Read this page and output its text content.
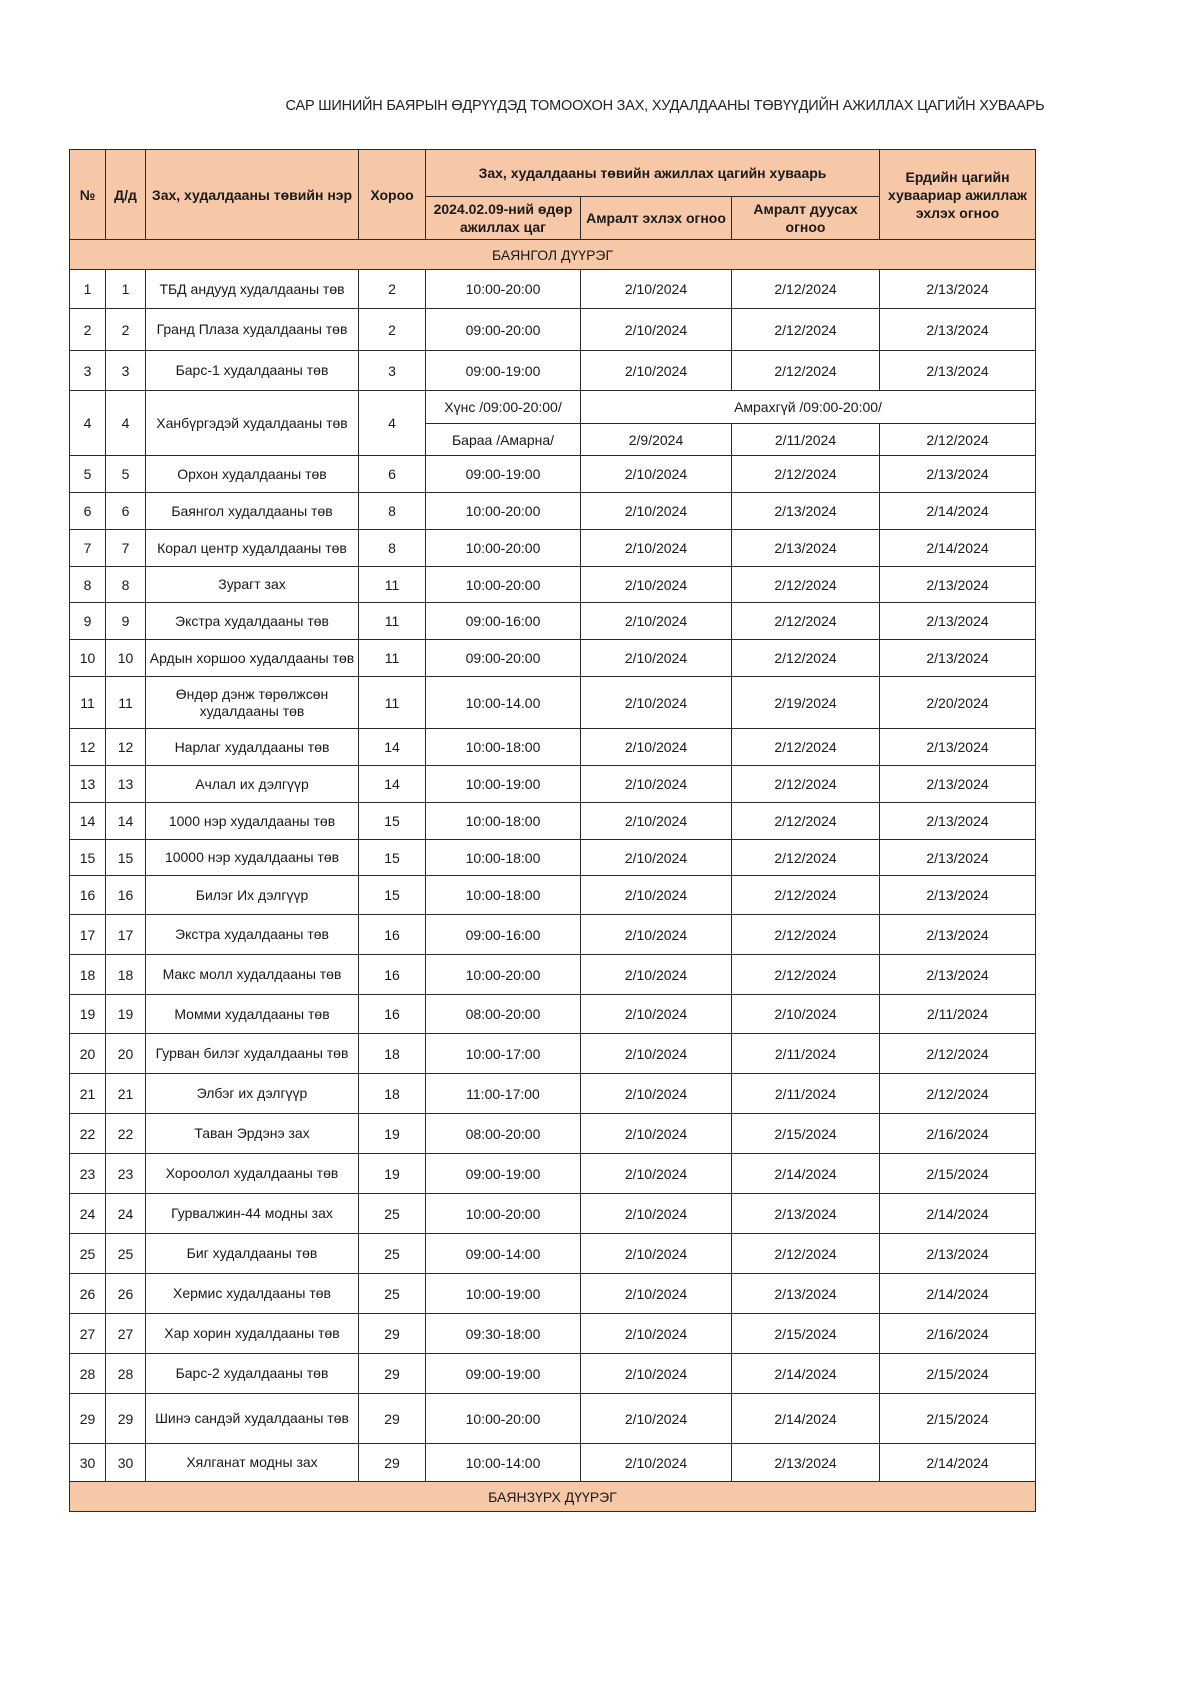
САР ШИНИЙН БАЯРЫН ӨДРҮҮДЭД ТОМООХОН ЗАХ, ХУДАЛДААНЫ ТӨВҮҮДИЙН АЖИЛЛАХ ЦАГИЙН ХУВААРЬ
№	Д/д	Зах, худалдааны төвийн нэр	Хороо	Зах, худалдааны төвийн ажиллах цагийн хуваарь			Ердийн цагийн хуваариар ажиллаж эхлэх огноо
				2024.02.09-ний өдөр ажиллах цаг	Амралт эхлэх огноо	Амралт дуусах огноо	
БАЯНГОЛ ДҮҮРЭГ							
1	1	ТБД андууд худалдааны төв	2	10:00-20:00	2/10/2024	2/12/2024	2/13/2024
2	2	Гранд Плаза худалдааны төв	2	09:00-20:00	2/10/2024	2/12/2024	2/13/2024
3	3	Барс-1 худалдааны төв	3	09:00-19:00	2/10/2024	2/12/2024	2/13/2024
4	4	Ханбүргэдэй худалдааны төв	4	Хүнс /09:00-20:00/	Амрахгүй /09:00-20:00/		
				Бараа /Амарна/	2/9/2024	2/11/2024	2/12/2024
5	5	Орхон худалдааны төв	6	09:00-19:00	2/10/2024	2/12/2024	2/13/2024
6	6	Баянгол худалдааны төв	8	10:00-20:00	2/10/2024	2/13/2024	2/14/2024
7	7	Корал центр худалдааны төв	8	10:00-20:00	2/10/2024	2/13/2024	2/14/2024
8	8	Зурагт зах	11	10:00-20:00	2/10/2024	2/12/2024	2/13/2024
9	9	Экстра худалдааны төв	11	09:00-16:00	2/10/2024	2/12/2024	2/13/2024
10	10	Ардын хоршоо худалдааны төв	11	09:00-20:00	2/10/2024	2/12/2024	2/13/2024
11	11	Өндөр дэнж төрөлжсөн худалдааны төв	11	10:00-14.00	2/10/2024	2/19/2024	2/20/2024
12	12	Нарлаг худалдааны төв	14	10:00-18:00	2/10/2024	2/12/2024	2/13/2024
13	13	Ачлал их дэлгүүр	14	10:00-19:00	2/10/2024	2/12/2024	2/13/2024
14	14	1000 нэр худалдааны төв	15	10:00-18:00	2/10/2024	2/12/2024	2/13/2024
15	15	10000 нэр худалдааны төв	15	10:00-18:00	2/10/2024	2/12/2024	2/13/2024
16	16	Билэг Их дэлгүүр	15	10:00-18:00	2/10/2024	2/12/2024	2/13/2024
17	17	Экстра худалдааны төв	16	09:00-16:00	2/10/2024	2/12/2024	2/13/2024
18	18	Макс молл худалдааны төв	16	10:00-20:00	2/10/2024	2/12/2024	2/13/2024
19	19	Момми худалдааны төв	16	08:00-20:00	2/10/2024	2/10/2024	2/11/2024
20	20	Гурван билэг худалдааны төв	18	10:00-17:00	2/10/2024	2/11/2024	2/12/2024
21	21	Элбэг их дэлгүүр	18	11:00-17:00	2/10/2024	2/11/2024	2/12/2024
22	22	Таван Эрдэнэ зах	19	08:00-20:00	2/10/2024	2/15/2024	2/16/2024
23	23	Хороолол худалдааны төв	19	09:00-19:00	2/10/2024	2/14/2024	2/15/2024
24	24	Гурвалжин-44 модны зах	25	10:00-20:00	2/10/2024	2/13/2024	2/14/2024
25	25	Биг худалдааны төв	25	09:00-14:00	2/10/2024	2/12/2024	2/13/2024
26	26	Хермис худалдааны төв	25	10:00-19:00	2/10/2024	2/13/2024	2/14/2024
27	27	Хар хорин худалдааны төв	29	09:30-18:00	2/10/2024	2/15/2024	2/16/2024
28	28	Барс-2 худалдааны төв	29	09:00-19:00	2/10/2024	2/14/2024	2/15/2024
29	29	Шинэ сандэй худалдааны төв	29	10:00-20:00	2/10/2024	2/14/2024	2/15/2024
30	30	Хялганат модны зах	29	10:00-14:00	2/10/2024	2/13/2024	2/14/2024
БАЯНЗҮРХ ДҮҮРЭГ							
